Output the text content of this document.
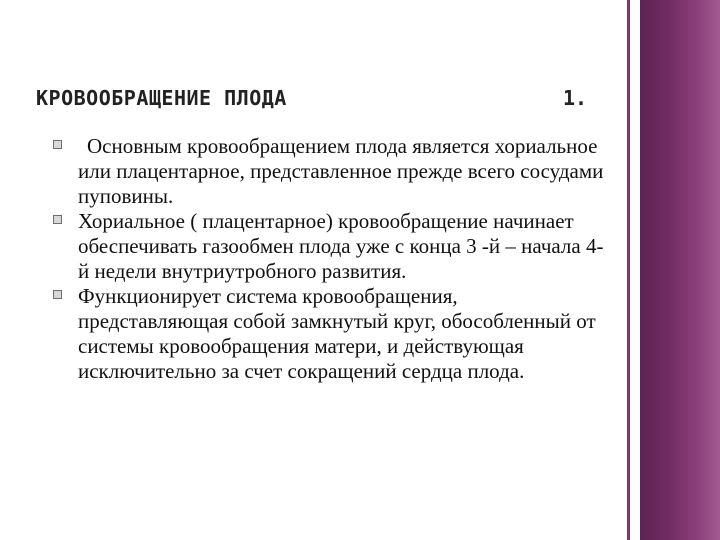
КРОВООБРАЩЕНИЕ ПЛОДА	1.
Основным кровообращением плода является хориальное или плацентарное, представленное прежде всего сосудами пуповины.
Хориальное ( плацентарное) кровообращение начинает обеспечивать газообмен плода уже с конца 3 -й – начала 4-й недели внутриутробного развития.
Функционирует система кровообращения, представляющая собой замкнутый круг, обособленный от системы кровообращения матери, и действующая исключительно за счет сокращений сердца плода.
